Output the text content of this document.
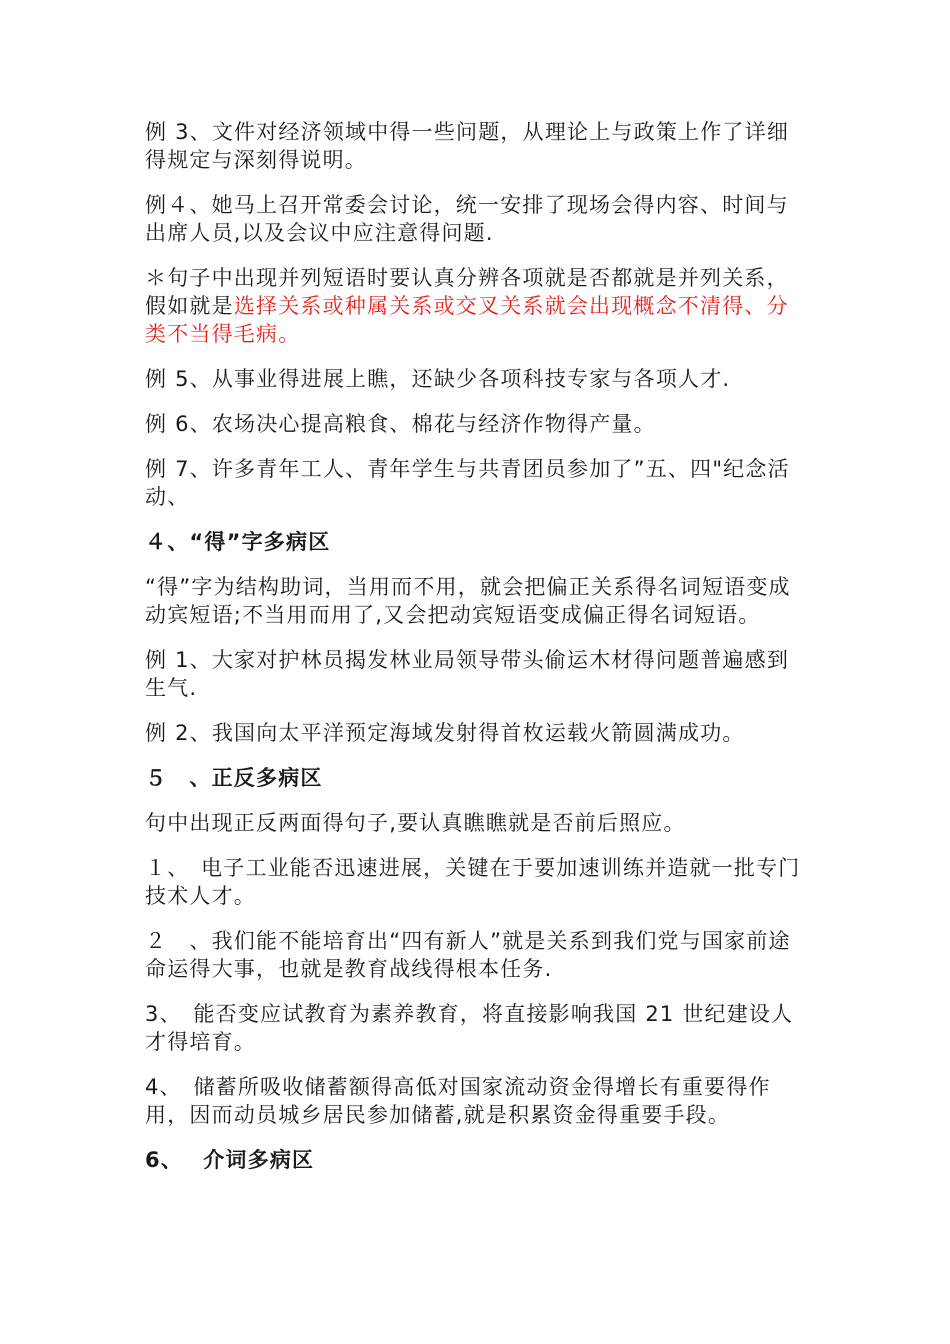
例 3、文件对经济领域中得一些问题，从理论上与政策上作了详细得规定与深刻得说明。

例４、她马上召开常委会讨论，统一安排了现场会得内容、时间与出席人员,以及会议中应注意得问题.

＊句子中出现并列短语时要认真分辨各项就是否都就是并列关系，假如就是选择关系或种属关系或交叉关系就会出现概念不清得、分类不当得毛病。

例 5、从事业得进展上瞧，还缺少各项科技专家与各项人才.

例 6、农场决心提高粮食、棉花与经济作物得产量。

例 7、许多青年工人、青年学生与共青团员参加了”五、四"纪念活动、

４、“得”字多病区

“得”字为结构助词，当用而不用，就会把偏正关系得名词短语变成动宾短语;不当用而用了,又会把动宾短语变成偏正得名词短语。

例 1、大家对护林员揭发林业局领导带头偷运木材得问题普遍感到生气.

例 2、我国向太平洋预定海域发射得首枚运载火箭圆满成功。

５　、正反多病区

句中出现正反两面得句子,要认真瞧瞧就是否前后照应。

１、　电子工业能否迅速进展，关键在于要加速训练并造就一批专门技术人才。

２　、我们能不能培育出“四有新人”就是关系到我们党与国家前途命运得大事，也就是教育战线得根本任务.

3、　能否变应试教育为素养教育，将直接影响我国 21 世纪建设人才得培育。

4、　储蓄所吸收储蓄额得高低对国家流动资金得增长有重要得作用，因而动员城乡居民参加储蓄,就是积累资金得重要手段。

6、　 介词多病区
